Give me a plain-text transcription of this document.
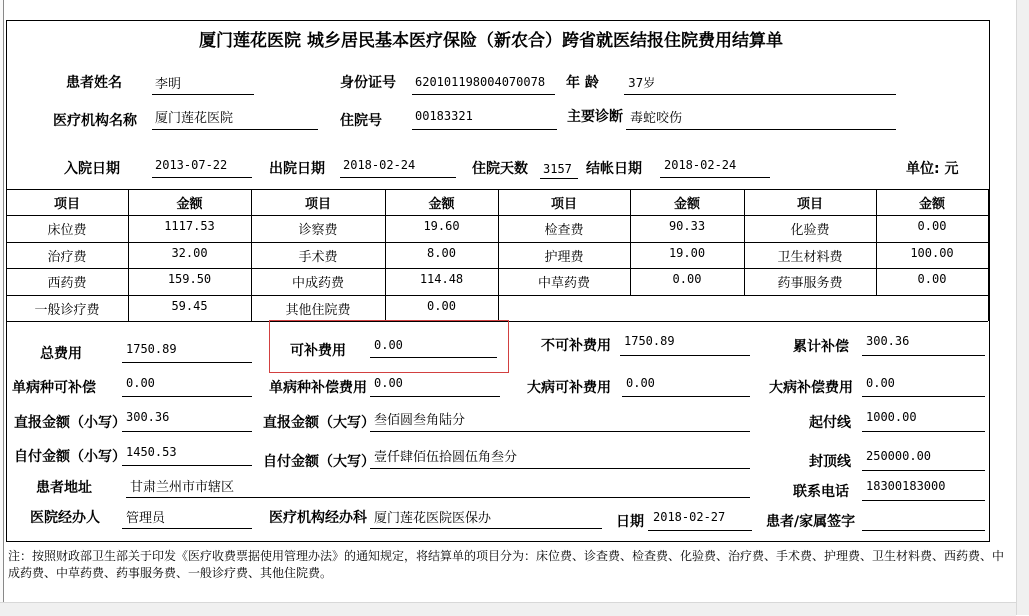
厦门莲花医院 城乡居民基本医疗保险（新农合）跨省就医结报住院费用结算单
患者姓名	李明	身份证号 620101198004070078 年 龄 37岁
医疗机构名称 厦门莲花医院	住院号	00183321	主要诊断 毒蛇咬伤
入院日期	2013-07-22	出院日期 2018-02-24	住院天数 3157 结帐日期 2018-02-24	单位: 元
项目	金额	项目	金额	项目	金额	项目	金额
床位费	1117.53	诊察费	19.60	检查费	90.33	化验费	0.00
治疗费	32.00	手术费	8.00	护理费	19.00	卫生材料费	100.00
西药费	159.50	中成药费	114.48	中草药费	0.00	药事服务费	0.00
一般诊疗费	59.45	其他住院费	0.00
总费用	1750.89	可补费用 0.00	不可补费用 1750.89	累计补偿 300.36
单病种可补偿	0.00	单病种补偿费用 0.00	大病可补费用 0.00	大病补偿费用 0.00
直报金额（小写） 300.36	直报金额（大写） 叁佰圆叁角陆分	起付线 1000.00
自付金额（小写） 1450.53
自付金额（大写） 壹仟肆佰伍拾圆伍角叁分	封顶线 250000.00
患者地址	甘肃兰州市市辖区	联系电话 18300183000
医院经办人 管理员	医疗机构经办科 厦门莲花医院医保办	日期 2018-02-27	患者/家属签字
注：按照财政部卫生部关于印发《医疗收费票据使用管理办法》的通知规定，将结算单的项目分为：床位费、诊查费、检查费、化验费、治疗费、手术费、护理费、卫生材料费、西药费、中成药费、中草药费、药事服务费、一般诊疗费、其他住院费。
